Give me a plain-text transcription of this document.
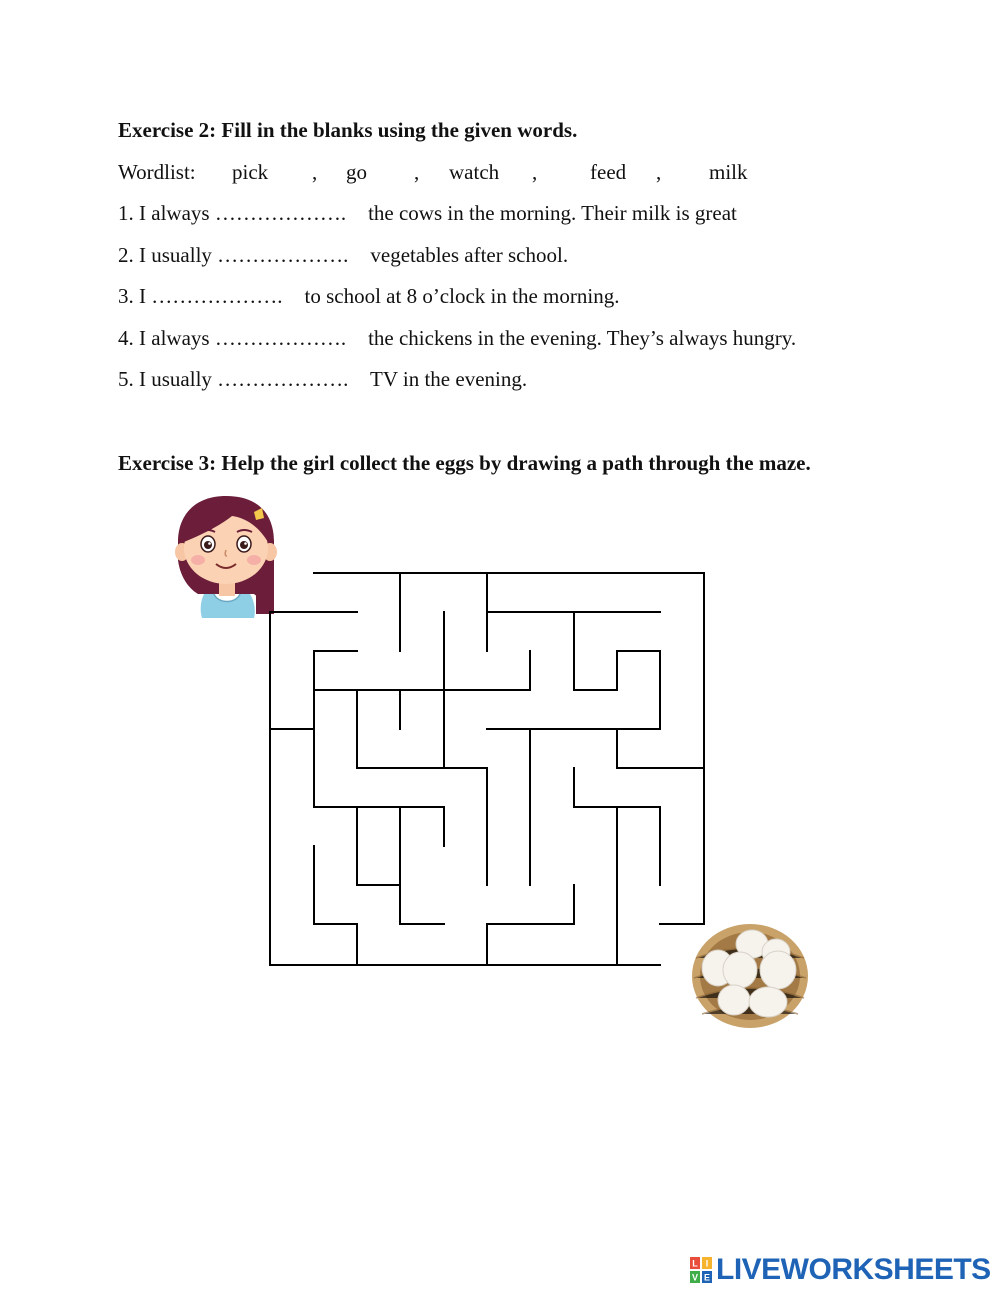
Exercise 2: Fill in the blanks using the given words.
Wordlist: pick , go , watch ,	feed , milk
1. I always ……………….	the cows in the morning. Their milk is great
2. I usually ……………….	vegetables after school.
3. I ……………….	to school at 8 o’clock in the morning.
4. I always ……………….	the chickens in the evening. They’s always hungry.
5. I usually ……………….	TV in the evening.
Exercise 3: Help the girl collect the eggs by drawing a path through the maze.
L I
V E LIVEWORKSHEETS
